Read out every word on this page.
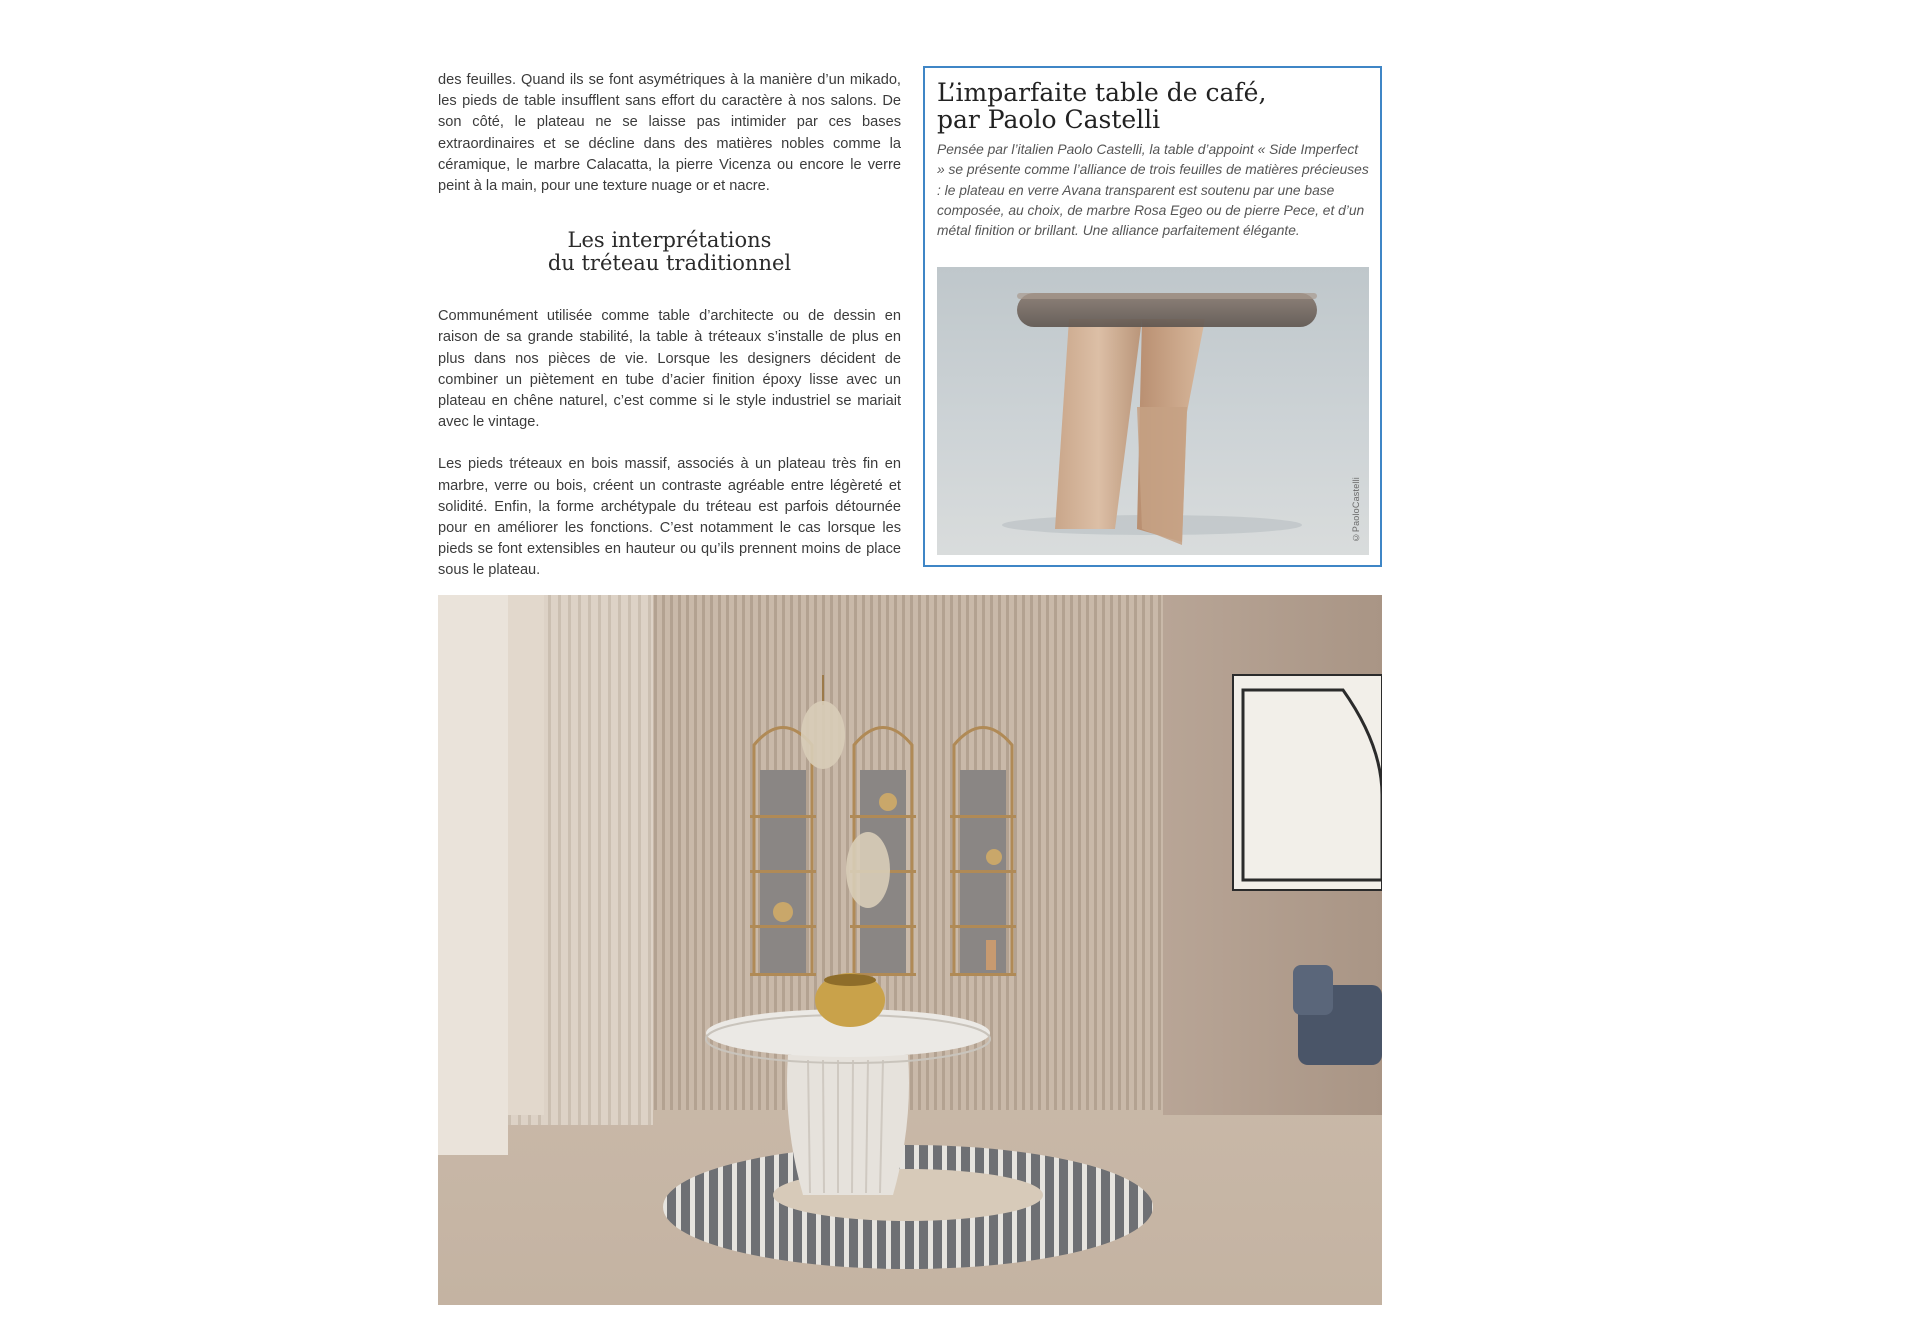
des feuilles. Quand ils se font asymétriques à la manière d’un mikado, les pieds de table insufflent sans effort du caractère à nos salons. De son côté, le plateau ne se laisse pas intimider par ces bases extraordinaires et se décline dans des matières nobles comme la céramique, le marbre Calacatta, la pierre Vicenza ou encore le verre peint à la main, pour une texture nuage or et nacre.

Les interprétations
du tréteau traditionnel

Communément utilisée comme table d’architecte ou de dessin en raison de sa grande stabilité, la table à tréteaux s’installe de plus en plus dans nos pièces de vie. Lorsque les designers décident de combiner un piètement en tube d’acier finition époxy lisse avec un plateau en chêne naturel, c’est comme si le style industriel se mariait avec le vintage.

Les pieds tréteaux en bois massif, associés à un plateau très fin en marbre, verre ou bois, créent un contraste agréable entre légèreté et solidité. Enfin, la forme archétypale du tréteau est parfois détournée pour en améliorer les fonctions. C’est notamment le cas lorsque les pieds se font extensibles en hauteur ou qu’ils prennent moins de place sous le plateau.

L’imparfaite table de café,
par Paolo Castelli

Pensée par l’italien Paolo Castelli, la table d’appoint « Side Imperfect » se présente comme l’alliance de trois feuilles de matières précieuses : le plateau en verre Avana transparent est soutenu par une base composée, au choix, de marbre Rosa Egeo ou de pierre Pece, et d’un métal finition or brillant. Une alliance parfaitement élégante.

©PaoloCastelli
